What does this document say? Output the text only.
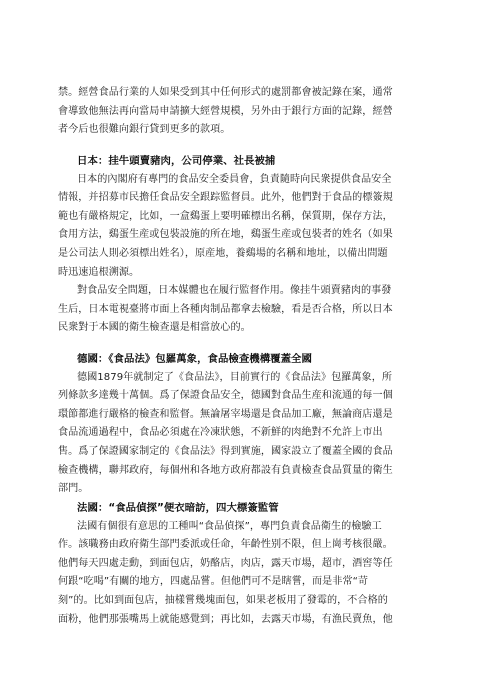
禁。經營食品行業的人如果受到其中任何形式的處罰都會被記錄在案，通常
會導致他無法再向當局申請擴大經營規模，另外由于銀行方面的記錄，經營
者今后也很難向銀行貸到更多的款項。
日本：挂牛頭賣豬肉，公司停業、社長被捕
日本的內閣府有專門的食品安全委員會，負責隨時向民衆提供食品安全
情報，并招募市民擔任食品安全跟踪監督員。此外，他們對于食品的標簽規
範也有嚴格規定，比如，一盒鷄蛋上要明確標出名稱，保質期，保存方法，
食用方法，鷄蛋生産或包裝設施的所在地，鷄蛋生産或包裝者的姓名（如果
是公司法人則必須標出姓名），原産地，養鷄場的名稱和地址，以備出問題
時迅速追根溯源。
對食品安全問題，日本媒體也在履行監督作用。像挂牛頭賣豬肉的事發
生后，日本電視臺將市面上各種肉制品都拿去檢驗，看是否合格，所以日本
民衆對于本國的衛生檢查還是相當放心的。
德國：《食品法》包羅萬象，食品檢查機構覆蓋全國
德國1879年就制定了《食品法》，目前實行的《食品法》包羅萬象，所
列條款多達幾十萬個。爲了保證食品安全，德國對食品生産和流通的每一個
環節都進行嚴格的檢查和監督。無論屠宰場還是食品加工廠，無論商店還是
食品流通過程中，食品必須處在冷凍狀態，不新鮮的肉絶對不允許上市出
售。爲了保證國家制定的《食品法》得到實施，國家設立了覆蓋全國的食品
檢查機構，聯邦政府，每個州和各地方政府都設有負責檢查食品質量的衛生
部門。
法國：“食品偵探”便衣暗訪，四大標簽監管
法國有個很有意思的工種叫“食品偵探”，專門負責食品衛生的檢驗工
作。該職務由政府衛生部門委派或任命，年齡性别不限，但上崗考核很嚴。
他們每天四處走動，到面包店，奶酪店，肉店，露天市場，超市，酒窖等任
何跟“吃喝”有關的地方，四處品嘗。但他們可不是瞎嘗，而是非常“苛
刻”的。比如到面包店，抽樣嘗幾塊面包，如果老板用了發霉的，不合格的
面粉，他們那張嘴馬上就能感覺到；再比如，去露天市場，有漁民賣魚，他
